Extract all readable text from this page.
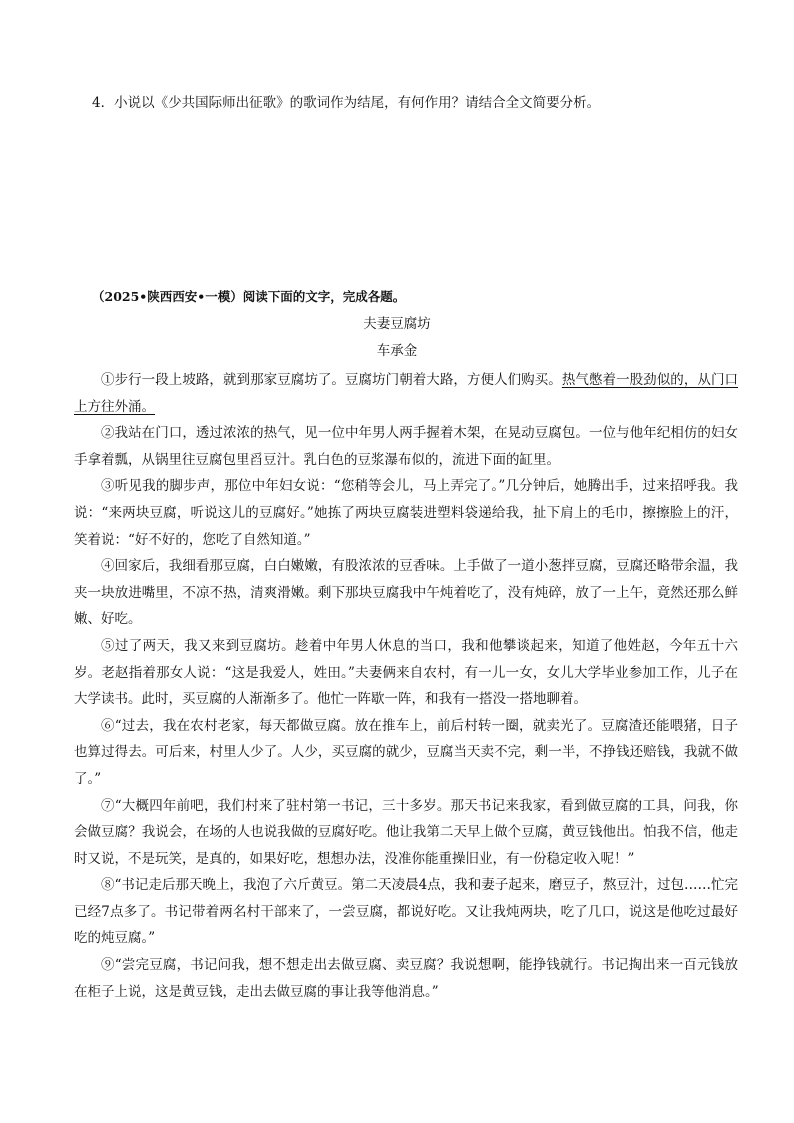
4．小说以《少共国际师出征歌》的歌词作为结尾，有何作用？请结合全文简要分析。
（2025•陕西西安•一模）阅读下面的文字，完成各题。
夫妻豆腐坊
车承金

①步行一段上坡路，就到那家豆腐坊了。豆腐坊门朝着大路，方便人们购买。热气憋着一股劲似的，从门口上方往外涌。

②我站在门口，透过浓浓的热气，见一位中年男人两手握着木架，在晃动豆腐包。一位与他年纪相仿的妇女手拿着瓢，从锅里往豆腐包里舀豆汁。乳白色的豆浆瀑布似的，流进下面的缸里。

③听见我的脚步声，那位中年妇女说：“您稍等会儿，马上弄完了。”几分钟后，她腾出手，过来招呼我。我说：“来两块豆腐，听说这儿的豆腐好。”她拣了两块豆腐装进塑料袋递给我，扯下肩上的毛巾，擦擦脸上的汗，笑着说：“好不好的，您吃了自然知道。”

④回家后，我细看那豆腐，白白嫩嫩，有股浓浓的豆香味。上手做了一道小葱拌豆腐，豆腐还略带余温，我夹一块放进嘴里，不凉不热，清爽滑嫩。剩下那块豆腐我中午炖着吃了，没有炖碎，放了一上午，竟然还那么鲜嫩、好吃。

⑤过了两天，我又来到豆腐坊。趁着中年男人休息的当口，我和他攀谈起来，知道了他姓赵，今年五十六岁。老赵指着那女人说：“这是我爱人，姓田。”夫妻俩来自农村，有一儿一女，女儿大学毕业参加工作，儿子在大学读书。此时，买豆腐的人渐渐多了。他忙一阵歇一阵，和我有一搭没一搭地聊着。

⑥“过去，我在农村老家，每天都做豆腐。放在推车上，前后村转一圈，就卖光了。豆腐渣还能喂猪，日子也算过得去。可后来，村里人少了。人少，买豆腐的就少，豆腐当天卖不完，剩一半，不挣钱还赔钱，我就不做了。”

⑦“大概四年前吧，我们村来了驻村第一书记，三十多岁。那天书记来我家，看到做豆腐的工具，问我，你会做豆腐？我说会，在场的人也说我做的豆腐好吃。他让我第二天早上做个豆腐，黄豆钱他出。怕我不信，他走时又说，不是玩笑，是真的，如果好吃，想想办法，没准你能重操旧业，有一份稳定收入呢！”

⑧“书记走后那天晚上，我泡了六斤黄豆。第二天凌晨4点，我和妻子起来，磨豆子，熬豆汁，过包……忙完已经7点多了。书记带着两名村干部来了，一尝豆腐，都说好吃。又让我炖两块，吃了几口，说这是他吃过最好吃的炖豆腐。”

⑨“尝完豆腐，书记问我，想不想走出去做豆腐、卖豆腐？我说想啊，能挣钱就行。书记掏出来一百元钱放在柜子上说，这是黄豆钱，走出去做豆腐的事让我等他消息。”
